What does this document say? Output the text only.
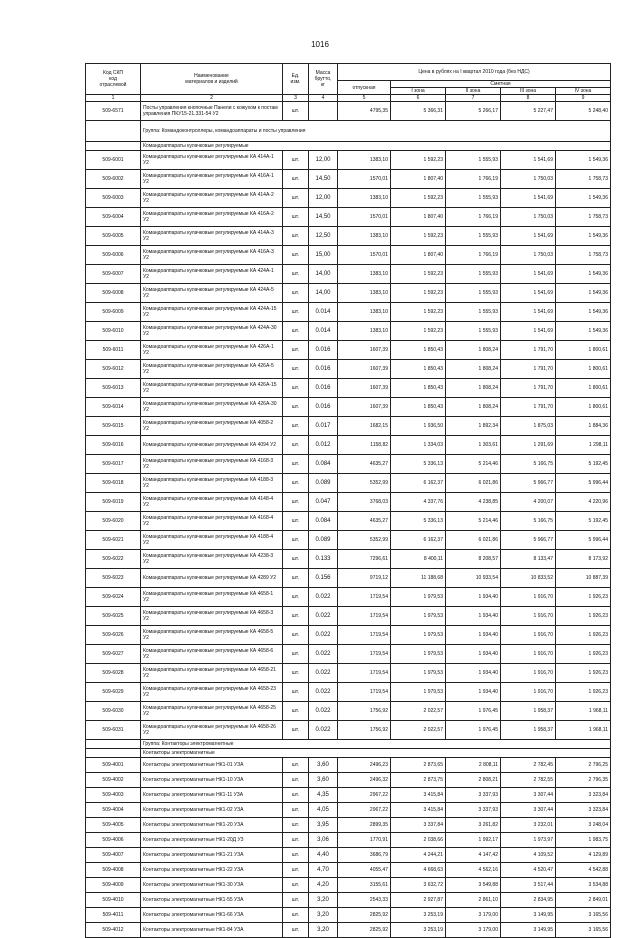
1016
Код СКП
код
отраслевой	Наименование
материалов и изделий	Ед.
изм.	Масса
брутто,
кг	Цена в рублях на I квартал 2010 года (без НДС)				
				отпускная	Сметная			
					I зона	II зона	III зона	IV зона
1	2	3	4	5	6	7	8	9
509-6571	Посты управления кнопочные Панели с кожухом к постам управления ПКУ15-21.331-54 У2	шт.		4795,35	5 366,31	5 266,17	5 227,47	5 248,40
	Группа: Командоконтроллеры, командоаппараты и посты управления							
	Командоаппараты кулачковые регулируемые							
509-6001	Командоаппараты кулачковые регулируемые КА 414А-1 У2	шт.	12,00	1383,10	1 592,23	1 555,93	1 541,69	1 549,36
509-6002	Командоаппараты кулачковые регулируемые КА 416А-1 У2	шт.	14,50	1570,01	1 807,40	1 766,19	1 750,03	1 758,73
509-6003	Командоаппараты кулачковые регулируемые КА 414А-2 У2	шт.	12,00	1383,10	1 592,23	1 555,93	1 541,69	1 549,36
509-6004	Командоаппараты кулачковые регулируемые КА 416А-2 У2	шт.	14,50	1570,01	1 807,40	1 766,19	1 750,03	1 758,73
509-6005	Командоаппараты кулачковые регулируемые КА 414А-3 У2	шт.	12,50	1383,10	1 592,23	1 555,93	1 541,69	1 549,36
509-6006	Командоаппараты кулачковые регулируемые КА 416А-3 У2	шт.	15,00	1570,01	1 807,40	1 766,19	1 750,03	1 758,73
509-6007	Командоаппараты кулачковые регулируемые КА 424А-1 У2	шт.	14,00	1383,10	1 592,23	1 555,93	1 541,69	1 549,36
509-6008	Командоаппараты кулачковые регулируемые КА 424А-5 У2	шт.	14,00	1383,10	1 592,23	1 555,93	1 541,69	1 549,36
509-6009	Командоаппараты кулачковые регулируемые КА 424А-15 У2	шт.	0.014	1383,10	1 592,23	1 555,93	1 541,69	1 549,36
509-6010	Командоаппараты кулачковые регулируемые КА 424А-30 У2	шт.	0.014	1383,10	1 592,23	1 555,93	1 541,69	1 549,36
509-6011	Командоаппараты кулачковые регулируемые КА 426А-1 У2	шт.	0.016	1607,39	1 850,43	1 808,24	1 791,70	1 800,61
509-6012	Командоаппараты кулачковые регулируемые КА 426А-5 У2	шт.	0.016	1607,39	1 850,43	1 808,24	1 791,70	1 800,61
509-6013	Командоаппараты кулачковые регулируемые КА 426А-15 У2	шт.	0.016	1607,39	1 850,43	1 808,24	1 791,70	1 800,61
509-6014	Командоаппараты кулачковые регулируемые КА 426А-30 У2	шт.	0.016	1607,39	1 850,43	1 808,24	1 791,70	1 800,61
509-6015	Командоаппараты кулачковые регулируемые КА 4058-2 У2	шт.	0.017	1682,15	1 936,50	1 892,34	1 875,03	1 884,36
509-6016	Командоаппараты кулачковые регулируемые КА 4094 У2	шт.	0.012	1158,82	1 334,03	1 303,61	1 291,69	1 298,11
509-6017	Командоаппараты кулачковые регулируемые КА 4168-3 У2	шт.	0.084	4635,27	5 336,13	5 214,46	5 166,75	5 192,45
509-6018	Командоаппараты кулачковые регулируемые КА 4188-3 У2	шт.	0.089	5352,99	6 162,37	6 021,86	5 966,77	5 996,44
509-6019	Командоаппараты кулачковые регулируемые КА 4148-4 У2	шт.	0.047	3768,03	4 337,76	4 238,85	4 200,07	4 220,96
509-6020	Командоаппараты кулачковые регулируемые КА 4168-4 У2	шт.	0.084	4635,27	5 336,13	5 214,46	5 166,75	5 192,45
509-6021	Командоаппараты кулачковые регулируемые КА 4188-4 У2	шт.	0.089	5352,99	6 162,37	6 021,86	5 966,77	5 996,44
509-6022	Командоаппараты кулачковые регулируемые КА 4238-3 У2	шт.	0.133	7296,61	8 400,11	8 208,57	8 133,47	8 173,92
509-6023	Командоаппараты кулачковые регулируемые КА 4289 У2	шт.	0.156	9719,12	11 188,68	10 933,54	10 833,52	10 887,39
509-6024	Командоаппараты кулачковые регулируемые КА 4658-1 У2	шт.	0.022	1719,54	1 979,53	1 934,40	1 916,70	1 926,23
509-6025	Командоаппараты кулачковые регулируемые КА 4658-3 У2	шт.	0.022	1719,54	1 979,53	1 934,40	1 916,70	1 926,23
509-6026	Командоаппараты кулачковые регулируемые КА 4658-5 У2	шт.	0.022	1719,54	1 979,53	1 934,40	1 916,70	1 926,23
509-6027	Командоаппараты кулачковые регулируемые КА 4658-6 У2	шт.	0.022	1719,54	1 979,53	1 934,40	1 916,70	1 926,23
509-6028	Командоаппараты кулачковые регулируемые КА 4658-21 У2	шт.	0.022	1719,54	1 979,53	1 934,40	1 916,70	1 926,23
509-6029	Командоаппараты кулачковые регулируемые КА 4658-23 У2	шт.	0.022	1719,54	1 979,53	1 934,40	1 916,70	1 926,23
509-6030	Командоаппараты кулачковые регулируемые КА 4658-25 У2	шт.	0.022	1756,92	2 022,57	1 976,45	1 958,37	1 968,11
509-6031	Командоаппараты кулачковые регулируемые КА 4658-26 У2	шт.	0.022	1756,92	2 022,57	1 976,45	1 958,37	1 968,11
	Группа: Контакторы электромагнитные							
	Контакторы электромагнитные							
509-4001	Контакторы электромагнитные НК1-01 УЗА	шт.	3,60	2496,23	2 873,65	2 808,11	2 782,45	2 796,25
509-4002	Контакторы электромагнитные НК1-10 УЗА	шт.	3,60	2496,32	2 873,75	2 808,21	2 782,55	2 796,35
509-4003	Контакторы электромагнитные НК1-11 УЗА	шт.	4,35	2967,22	3 415,84	3 337,93	3 307,44	3 323,84
509-4004	Контакторы электромагнитные НК1-02 УЗА	шт.	4,05	2967,22	3 415,84	3 337,93	3 307,44	3 323,84
509-4005	Контакторы электромагнитные НК1-20 УЗА	шт.	3,95	2899,35	3 337,84	3 261,82	3 232,01	3 248,04
509-4006	Контакторы электромагнитные НК1-20Д УЗ	шт.	3,06	1770,91	2 038,66	1 992,17	1 973,97	1 983,75
509-4007	Контакторы электромагнитные НК1-21 УЗА	шт.	4,40	3686,79	4 244,21	4 147,42	4 109,52	4 129,89
509-4008	Контакторы электромагнитные НК1-22 УЗА	шт.	4,70	4055,47	4 668,63	4 562,16	4 520,47	4 542,88
509-4009	Контакторы электромагнитные НК1-30 УЗА	шт.	4,20	3155,61	3 632,72	3 549,88	3 517,44	3 534,88
509-4010	Контакторы электромагнитные НК1-55 УЗА	шт.	3,20	2543,33	2 927,87	2 861,10	2 834,95	2 849,01
509-4011	Контакторы электромагнитные НК1-66 УЗА	шт.	3,20	2825,92	3 253,19	3 179,00	3 149,95	3 165,56
509-4012	Контакторы электромагнитные НК1-84 УЗА	шт.	3,20	2825,92	3 253,19	3 179,00	3 149,95	3 165,56
